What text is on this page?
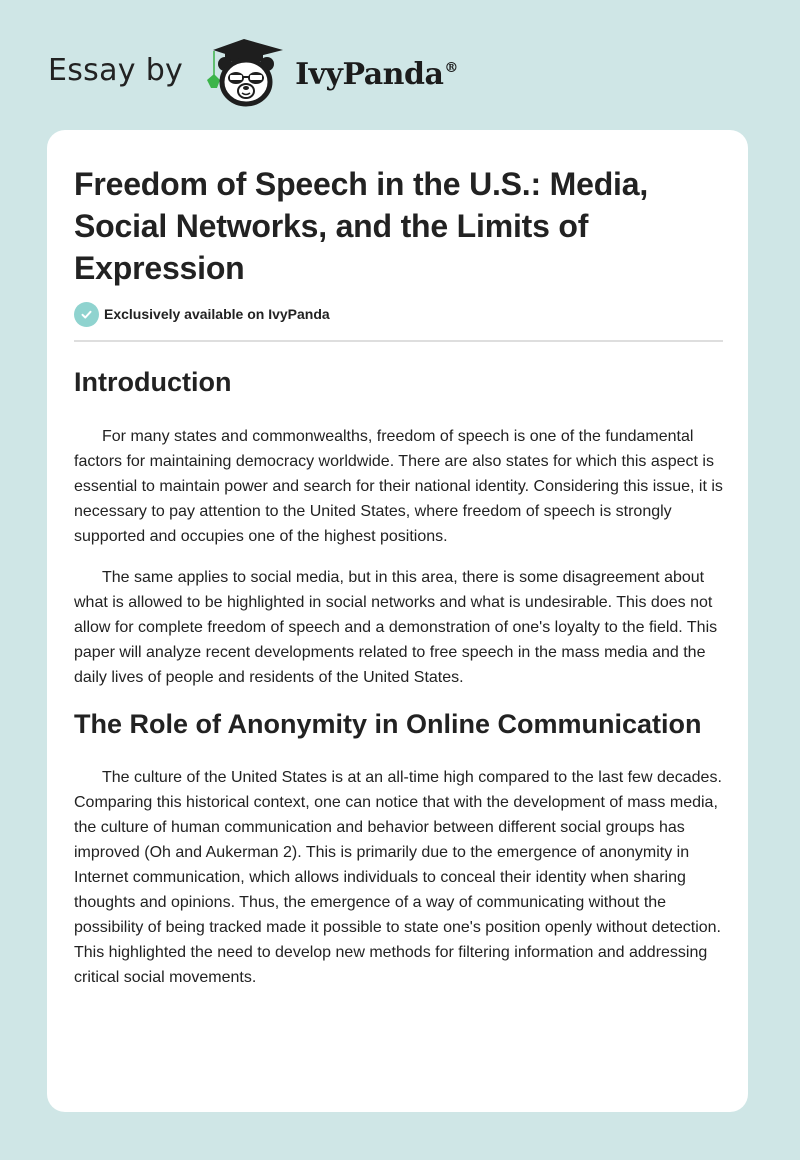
Essay by	IvyPanda®
Freedom of Speech in the U.S.: Media, Social Networks, and the Limits of Expression
Exclusively available on IvyPanda
Introduction

For many states and commonwealths, freedom of speech is one of the fundamental factors for maintaining democracy worldwide. There are also states for which this aspect is essential to maintain power and search for their national identity. Considering this issue, it is necessary to pay attention to the United States, where freedom of speech is strongly supported and occupies one of the highest positions.

The same applies to social media, but in this area, there is some disagreement about what is allowed to be highlighted in social networks and what is undesirable. This does not allow for complete freedom of speech and a demonstration of one's loyalty to the field. This paper will analyze recent developments related to free speech in the mass media and the daily lives of people and residents of the United States.

The Role of Anonymity in Online Communication

The culture of the United States is at an all-time high compared to the last few decades. Comparing this historical context, one can notice that with the development of mass media, the culture of human communication and behavior between different social groups has improved (Oh and Aukerman 2). This is primarily due to the emergence of anonymity in Internet communication, which allows individuals to conceal their identity when sharing thoughts and opinions. Thus, the emergence of a way of communicating without the possibility of being tracked made it possible to state one's position openly without detection. This highlighted the need to develop new methods for filtering information and addressing critical social movements.
